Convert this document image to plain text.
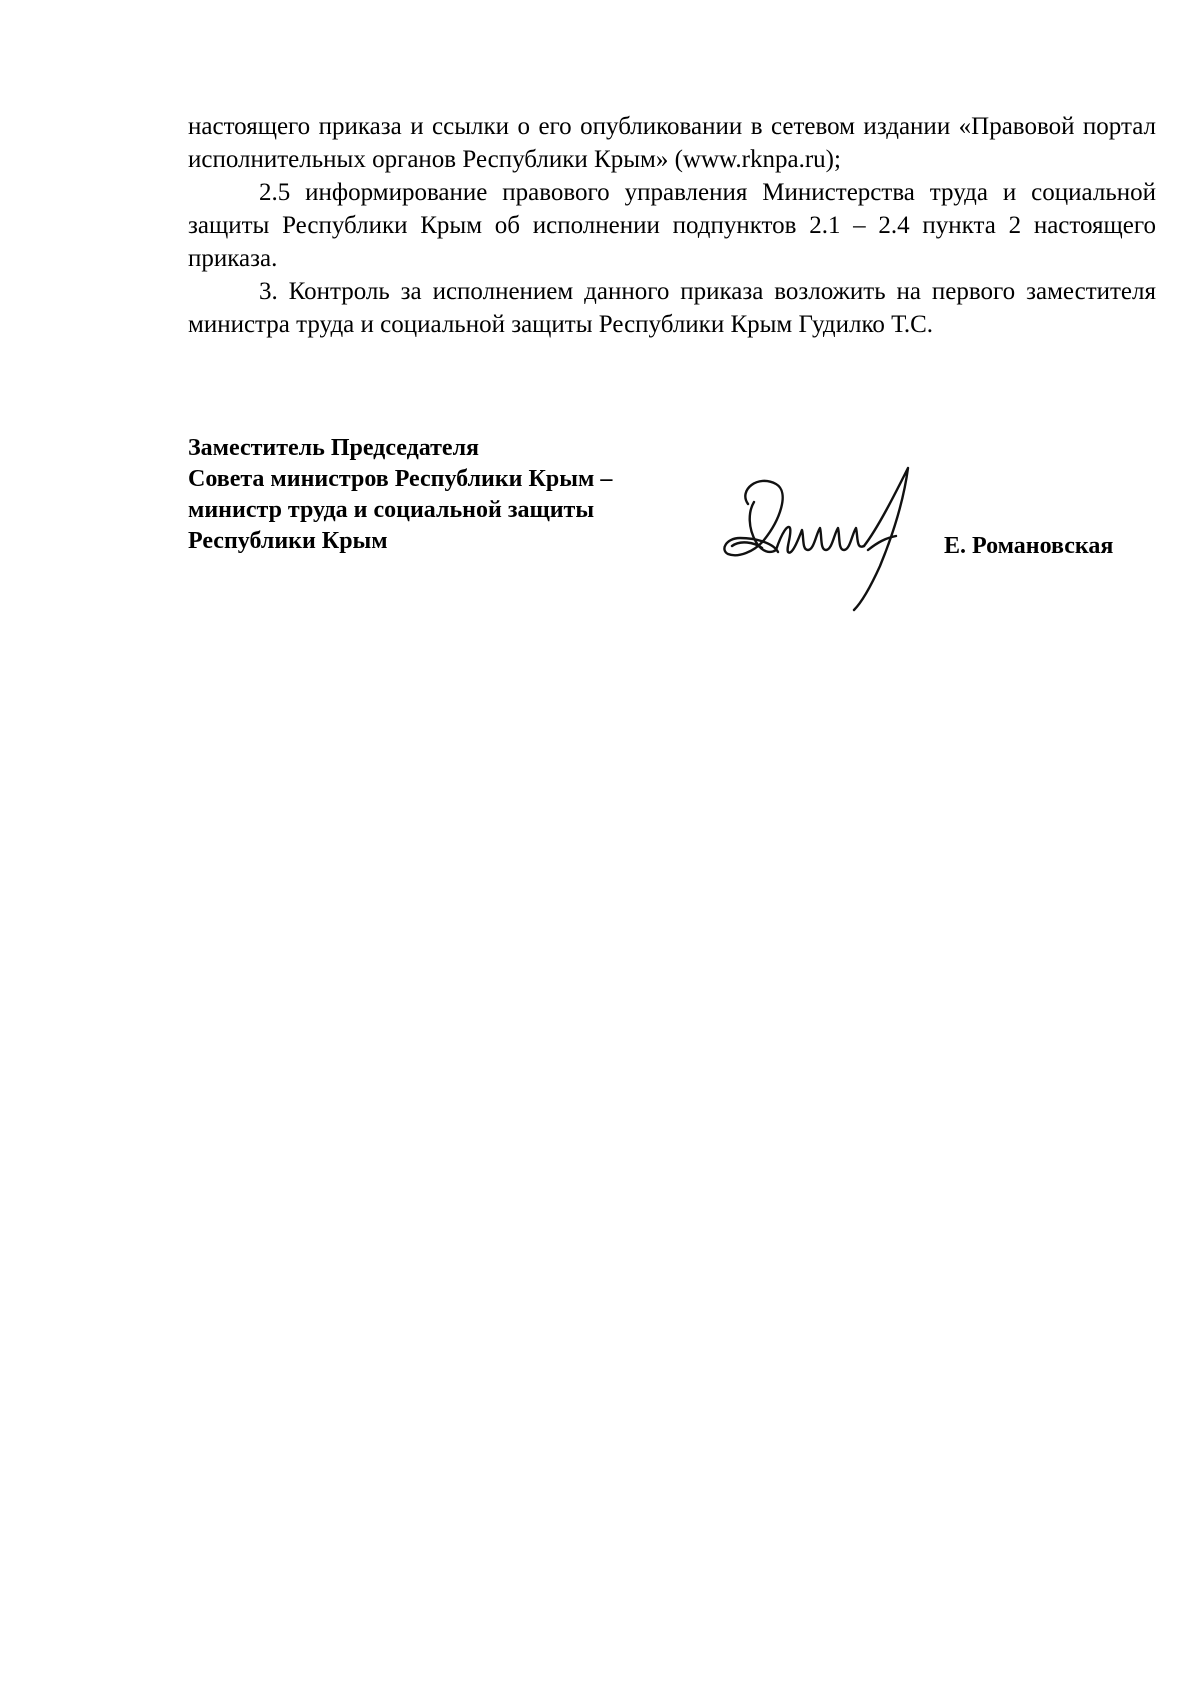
настоящего приказа и ссылки о его опубликовании в сетевом издании «Правовой портал исполнительных органов Республики Крым» (www.rknpa.ru);

2.5 информирование правового управления Министерства труда и социальной защиты Республики Крым об исполнении подпунктов 2.1 – 2.4 пункта 2 настоящего приказа.

3. Контроль за исполнением данного приказа возложить на первого заместителя министра труда и социальной защиты Республики Крым Гудилко Т.С.

Заместитель Председателя
Совета министров Республики Крым –
министр труда и социальной защиты
Республики Крым	Е. Романовская
